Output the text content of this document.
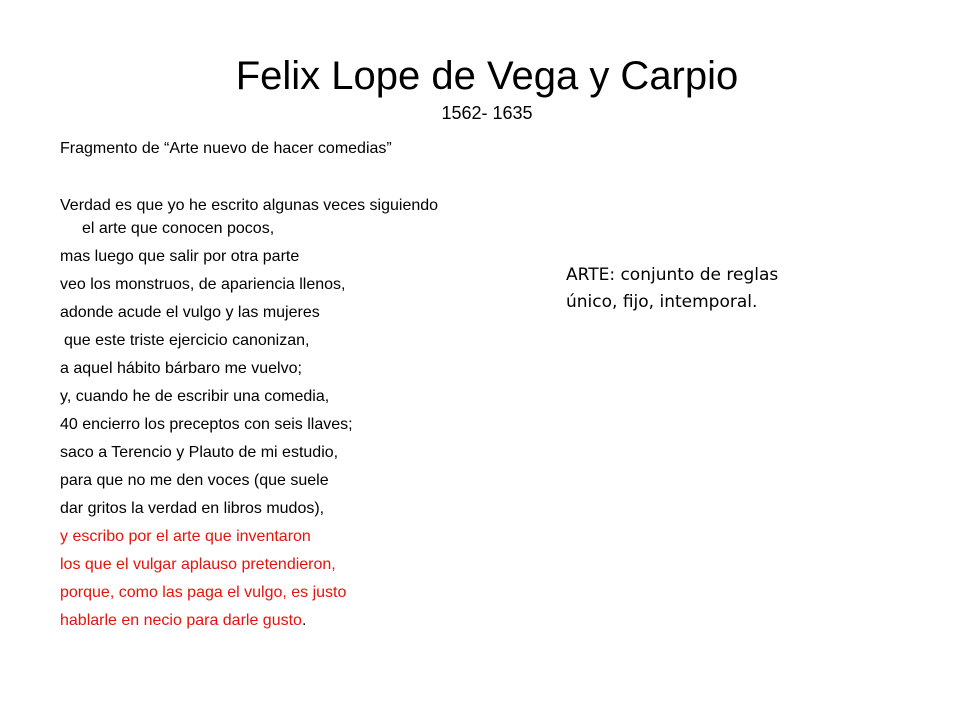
Felix Lope de Vega y Carpio
1562- 1635
Fragmento de “Arte nuevo de hacer comedias”
Verdad es que yo he escrito algunas veces siguiendo
el arte que conocen pocos,
mas luego que salir por otra parte
veo los monstruos, de apariencia llenos,
adonde acude el vulgo y las mujeres
que este triste ejercicio canonizan,
a aquel hábito bárbaro me vuelvo;
y, cuando he de escribir una comedia,
40 encierro los preceptos con seis llaves;
saco a Terencio y Plauto de mi estudio,
para que no me den voces (que suele
dar gritos la verdad en libros mudos),
y escribo por el arte que inventaron
los que el vulgar aplauso pretendieron,
porque, como las paga el vulgo, es justo
hablarle en necio para darle gusto.
ARTE: conjunto de reglas
único, fijo, intemporal.
